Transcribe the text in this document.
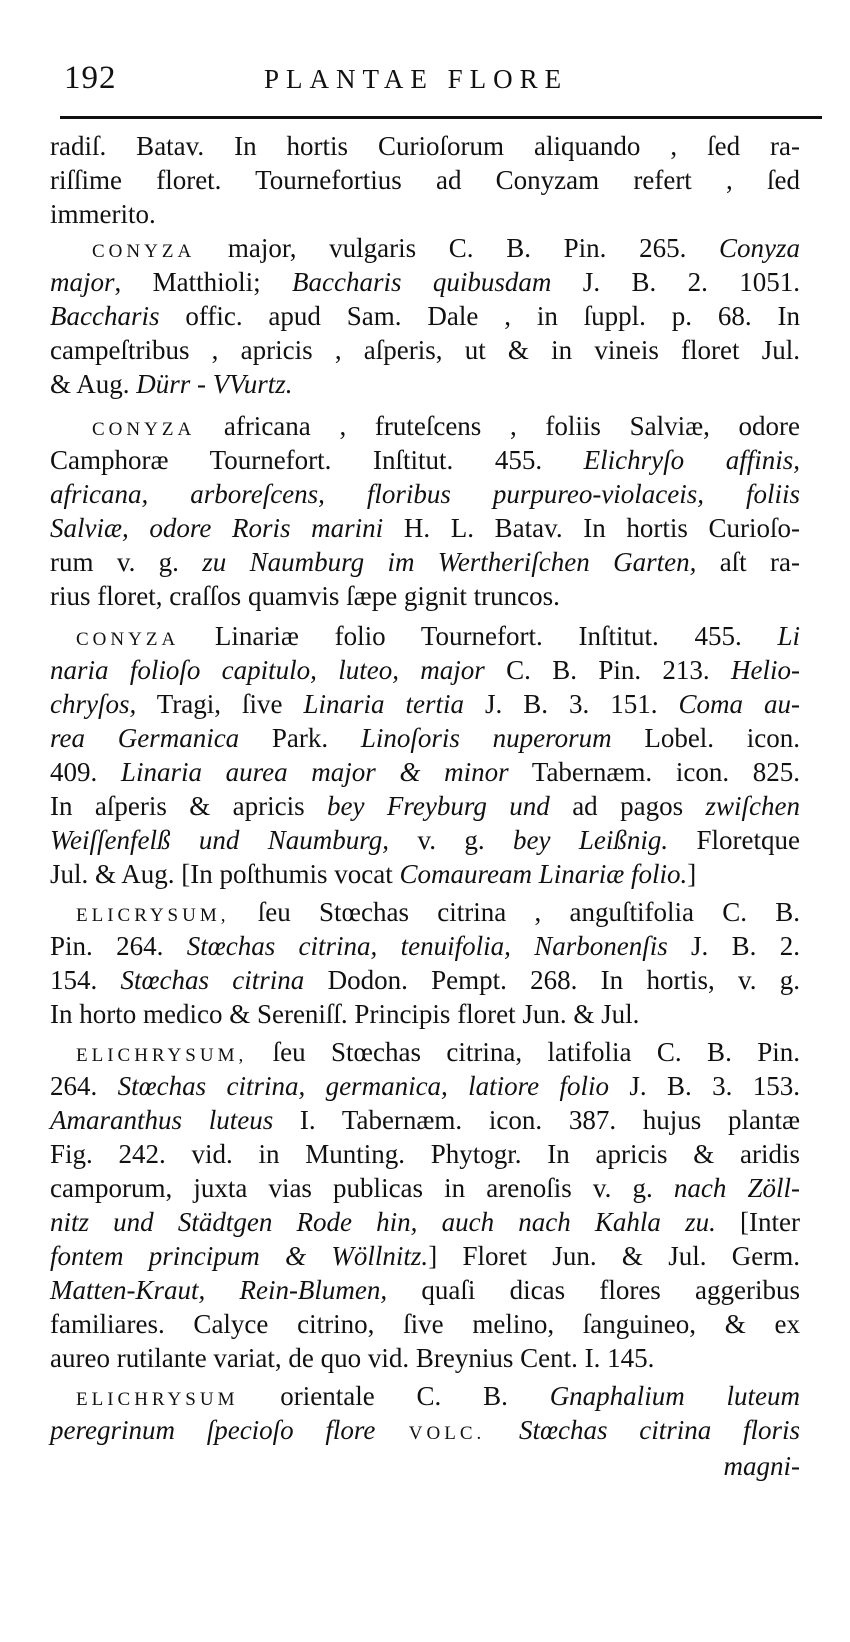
192	PLANTAE FLORE
radiſ. Batav. In hortis Curioſorum aliquando , ſed ra-
riſſime floret. Tournefortius ad Conyzam refert , ſed
immerito.
CONYZA major, vulgaris C. B. Pin. 265. Conyza
major, Matthioli; Baccharis quibusdam J. B. 2. 1051.
Baccharis offic. apud Sam. Dale , in ſuppl. p. 68. In
campeſtribus , apricis , aſperis, ut & in vineis floret Jul.
& Aug. Dürr - VVurtz.
CONYZA africana , fruteſcens , foliis Salviæ, odore
Camphoræ Tournefort. Inſtitut. 455. Elichryſo affinis,
africana, arboreſcens, floribus purpureo-violaceis, foliis
Salviæ, odore Roris marini H. L. Batav. In hortis Curioſo-
rum v. g. zu Naumburg im Wertheriſchen Garten, aſt ra-
rius floret, craſſos quamvis ſæpe gignit truncos.
CONYZA Linariæ folio Tournefort. Inſtitut. 455. Li
naria folioſo capitulo, luteo, major C. B. Pin. 213. Helio-
chryſos, Tragi, ſive Linaria tertia J. B. 3. 151. Coma au-
rea Germanica Park. Linoſoris nuperorum Lobel. icon.
409. Linaria aurea major & minor Tabernæm. icon. 825.
In aſperis & apricis bey Freyburg und ad pagos zwiſchen
Weiſſenfelß und Naumburg, v. g. bey Leißnig. Floretque
Jul. & Aug. [In poſthumis vocat Comauream Linariæ folio.]
ELICRYSUM, ſeu Stœchas citrina , anguſtifolia C. B.
Pin. 264. Stœchas citrina, tenuifolia, Narbonenſis J. B. 2.
154. Stœchas citrina Dodon. Pempt. 268. In hortis, v. g.
In horto medico & Sereniſſ. Principis floret Jun. & Jul.
ELICHRYSUM, ſeu Stœchas citrina, latifolia C. B. Pin.
264. Stœchas citrina, germanica, latiore folio J. B. 3. 153.
Amaranthus luteus I. Tabernæm. icon. 387. hujus plantæ
Fig. 242. vid. in Munting. Phytogr. In apricis & aridis
camporum, juxta vias publicas in arenoſis v. g. nach Zöll-
nitz und Städtgen Rode hin, auch nach Kahla zu. [Inter
fontem principum & Wöllnitz.] Floret Jun. & Jul. Germ.
Matten-Kraut, Rein-Blumen, quaſi dicas flores aggeribus
familiares. Calyce citrino, ſive melino, ſanguineo, & ex
aureo rutilante variat, de quo vid. Breynius Cent. I. 145.
ELICHRYSUM orientale C. B. Gnaphalium luteum
peregrinum ſpecioſo flore VOLC. Stœchas citrina floris
magni-
